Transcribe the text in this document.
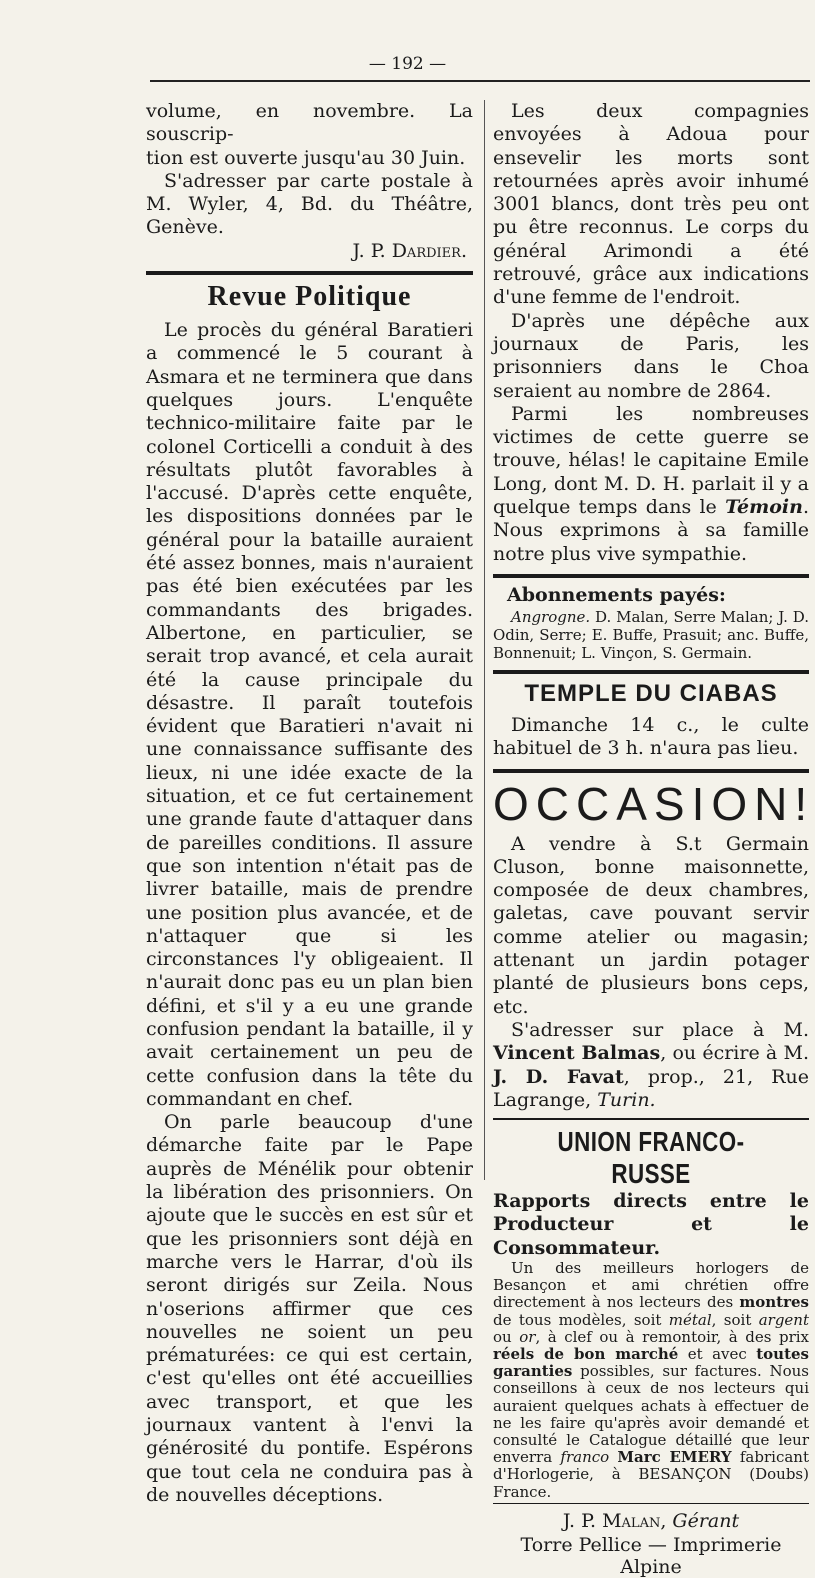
— 192 —

volume, en novembre. La souscrip-

tion est ouverte jusqu'au 30 Juin.

S'adresser par carte postale à M. Wyler, 4, Bd. du Théâtre, Genève.

J. P. Dardier.

Revue Politique

Le procès du général Baratieri a commencé le 5 courant à Asmara et ne terminera que dans quelques jours. L'enquête technico-militaire faite par le colonel Corticelli a conduit à des résultats plutôt favorables à l'accusé. D'après cette enquête, les dispositions données par le général pour la bataille auraient été assez bonnes, mais n'auraient pas été bien exécutées par les commandants des brigades. Albertone, en particulier, se serait trop avancé, et cela aurait été la cause principale du désastre. Il paraît toutefois évident que Baratieri n'avait ni une connaissance suffisante des lieux, ni une idée exacte de la situation, et ce fut certainement une grande faute d'attaquer dans de pareilles conditions. Il assure que son intention n'était pas de livrer bataille, mais de prendre une position plus avancée, et de n'attaquer que si les circonstances l'y obligeaient. Il n'aurait donc pas eu un plan bien défini, et s'il y a eu une grande confusion pendant la bataille, il y avait certainement un peu de cette confusion dans la tête du commandant en chef.

On parle beaucoup d'une démarche faite par le Pape auprès de Ménélik pour obtenir la libération des prisonniers. On ajoute que le succès en est sûr et que les prisonniers sont déjà en marche vers le Harrar, d'où ils seront dirigés sur Zeila. Nous n'oserions affirmer que ces nouvelles ne soient un peu prématurées: ce qui est certain, c'est qu'elles ont été accueillies avec transport, et que les journaux vantent à l'envi la générosité du pontife. Espérons que tout cela ne conduira pas à de nouvelles déceptions.

Les deux compagnies envoyées à Adoua pour ensevelir les morts sont retournées après avoir inhumé 3001 blancs, dont très peu ont pu être reconnus. Le corps du général Arimondi a été retrouvé, grâce aux indications d'une femme de l'endroit.

D'après une dépêche aux journaux de Paris, les prisonniers dans le Choa seraient au nombre de 2864.

Parmi les nombreuses victimes de cette guerre se trouve, hélas! le capitaine Emile Long, dont M. D. H. parlait il y a quelque temps dans le Témoin. Nous exprimons à sa famille notre plus vive sympathie.

Abonnements payés:

Angrogne. D. Malan, Serre Malan; J. D. Odin, Serre; E. Buffe, Prasuit; anc. Buffe, Bonnenuit; L. Vinçon, S. Germain.

TEMPLE DU CIABAS

Dimanche 14 c., le culte habituel de 3 h. n'aura pas lieu.

OCCASION!

A vendre à S.t Germain Cluson, bonne maisonnette, composée de deux chambres, galetas, cave pouvant servir comme atelier ou magasin; attenant un jardin potager planté de plusieurs bons ceps, etc.

S'adresser sur place à M. Vincent Balmas, ou écrire à M. J. D. Favat, prop., 21, Rue Lagrange, Turin.

UNION FRANCO-RUSSE

Rapports directs entre le Producteur et le Consommateur.

Un des meilleurs horlogers de Besançon et ami chrétien offre directement à nos lecteurs des montres de tous modèles, soit métal, soit argent ou or, à clef ou à remontoir, à des prix réels de bon marché et avec toutes garanties possibles, sur factures. Nous conseillons à ceux de nos lecteurs qui auraient quelques achats à effectuer de ne les faire qu'après avoir demandé et consulté le Catalogue détaillé que leur enverra franco Marc EMERY fabricant d'Horlogerie, à BESANÇON (Doubs) France.

J. P. Malan, Gérant
Torre Pellice — Imprimerie Alpine
